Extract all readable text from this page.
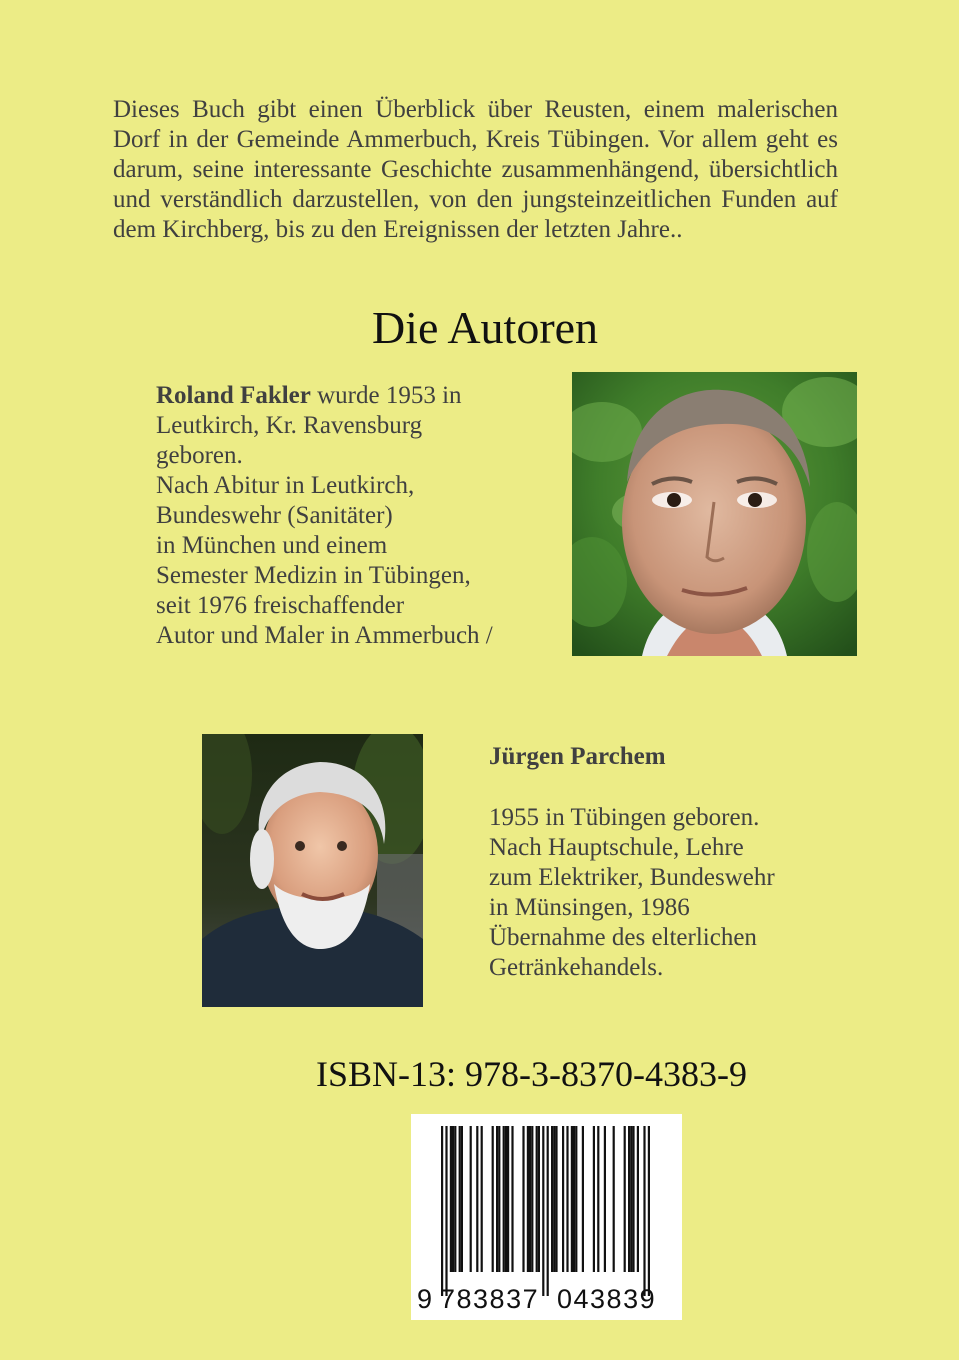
Dieses Buch gibt einen Überblick über Reusten, einem malerischen Dorf in der Gemeinde Ammerbuch, Kreis Tübingen. Vor allem geht es darum, seine interessante Geschichte zusammenhängend, übersichtlich und verständlich darzustellen, von den jungsteinzeitlichen Funden auf dem Kirchberg, bis zu den Ereignissen der letzten Jahre..
Die Autoren
Roland Fakler wurde 1953 in
Leutkirch, Kr. Ravensburg
geboren.
Nach Abitur in Leutkirch,
Bundeswehr (Sanitäter)
in München und einem
Semester Medizin in Tübingen,
seit 1976 freischaffender
Autor und Maler in Ammerbuch /
Jürgen Parchem
1955 in Tübingen geboren.
Nach Hauptschule, Lehre
zum Elektriker, Bundeswehr
in Münsingen, 1986
Übernahme des elterlichen
Getränkehandels.
ISBN-13: 978-3-8370-4383-9
9 783837 043839
